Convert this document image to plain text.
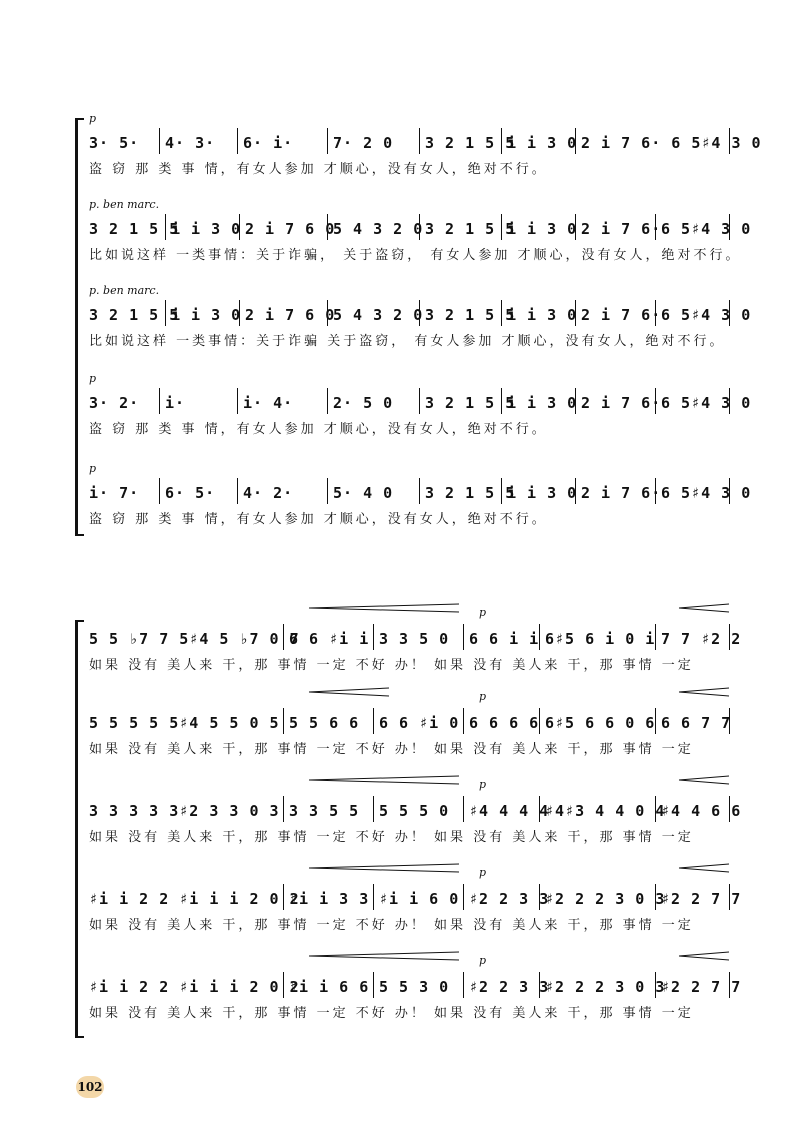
p
3· 5·	4· 3·	6· i·	7· 2 0	3 2 1 5 5
i i 3 0 2 i 7 6· 6 5♯4 3 0
盗 窃 那 类 事 情，有女人参加 才顺心，没有女人，绝对不行。
p. ben marc.
3 2 1 5 5
i i 3 0 2 i 7 6 0
5 4 3 2 0 3 2 1 5 5
i i 3 0 2 i 7 6· 6 5♯4 3 0
比如说这样 一类事情：关于诈骗， 关于盗窃， 有女人参加 才顺心，没有女人，绝对不行。
p. ben marc.
3 2 1 5 5
i i 3 0 2 i 7 6 0
5 4 3 2 0 3 2 1 5 5
i i 3 0 2 i 7 6· 6 5♯4 3 0
比如说这样 一类事情：关于诈骗 关于盗窃， 有女人参加 才顺心，没有女人，绝对不行。
p
3· 2·	i·	i· 4·	2· 5 0	3 2 1 5 5
i i 3 0 2 i 7 6· 6 5♯4 3 0
盗 窃 那 类 事 情，有女人参加 才顺心，没有女人，绝对不行。
p
i· 7·	6· 5·	4· 2·	5· 4 0	3 2 1 5 5
i i 3 0 2 i 7 6· 6 5♯4 3 0
盗 窃 那 类 事 情，有女人参加 才顺心，没有女人，绝对不行。
p
5 5 ♭7 7 5♯4 5 ♭7 0 7
6 6 ♯i i 3 3 5 0	6 6 i i 6♯5 6 i 0 i 7 7 ♯2 2
如果 没有 美人来 干，那 事情 一定 不好 办！ 如果 没有 美人来 干，那 事情 一定
p
5 5 5 5 5♯4 5 5 0 5 5 5 6 6	6 6 ♯i 0 6 6 6 6 6♯5 6 6 0 6 6 6 7 7
如果 没有 美人来 干，那 事情 一定 不好 办！ 如果 没有 美人来 干，那 事情 一定
p
3 3 3 3 3♯2 3 3 0 3 3 3 5 5	5 5 5 0	♯4 4 4 4
♯4♯3 4 4 0 4
♯4 4 6 6
如果 没有 美人来 干，那 事情 一定 不好 办！ 如果 没有 美人来 干，那 事情 一定
p
♯i i 2 2 ♯i i i 2 0 2
♯i i 3 3 ♯i i 6 0 ♯2 2 3 3
♯2 2 2 3 0 3
♯2 2 7 7
如果 没有 美人来 干，那 事情 一定 不好 办！ 如果 没有 美人来 干，那 事情 一定
p
♯i i 2 2 ♯i i i 2 0 2
♯i i 6 6 5 5 3 0	♯2 2 3 3
♯2 2 2 3 0 3
♯2 2 7 7
如果 没有 美人来 干，那 事情 一定 不好 办！ 如果 没有 美人来 干，那 事情 一定
102
